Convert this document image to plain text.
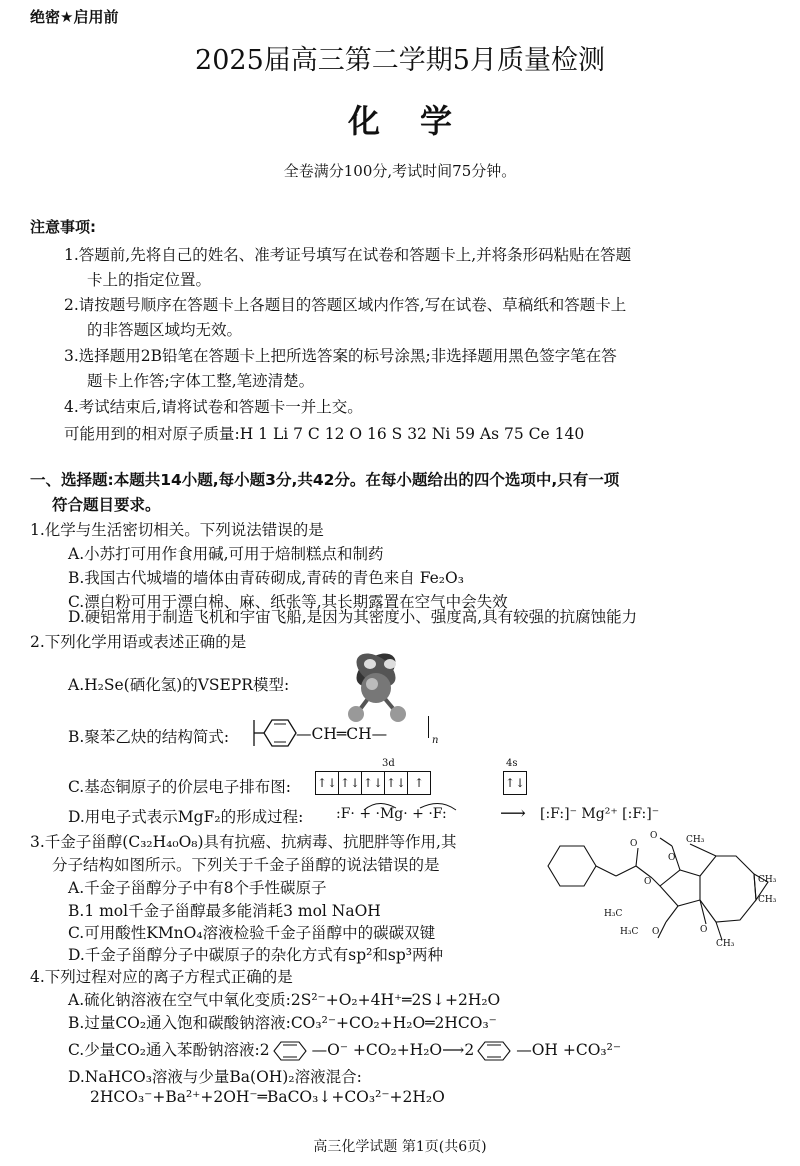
绝密★启用前
2025届高三第二学期5月质量检测
化学
全卷满分100分,考试时间75分钟。
注意事项:
1.答题前,先将自己的姓名、准考证号填写在试卷和答题卡上,并将条形码粘贴在答题
卡上的指定位置。
2.请按题号顺序在答题卡上各题目的答题区域内作答,写在试卷、草稿纸和答题卡上
的非答题区域均无效。
3.选择题用2B铅笔在答题卡上把所选答案的标号涂黑;非选择题用黑色签字笔在答
题卡上作答;字体工整,笔迹清楚。
4.考试结束后,请将试卷和答题卡一并上交。
可能用到的相对原子质量:H 1 Li 7 C 12 O 16 S 32 Ni 59 As 75 Ce 140
一、选择题:本题共14小题,每小题3分,共42分。在每小题给出的四个选项中,只有一项
符合题目要求。
1.化学与生活密切相关。下列说法错误的是
A.小苏打可用作食用碱,可用于焙制糕点和制药
B.我国古代城墙的墙体由青砖砌成,青砖的青色来自 Fe₂O₃
C.漂白粉可用于漂白棉、麻、纸张等,其长期露置在空气中会失效
D.硬铝常用于制造飞机和宇宙飞船,是因为其密度小、强度高,具有较强的抗腐蚀能力
2.下列化学用语或表述正确的是
A.H₂Se(硒化氢)的VSEPR模型:
B.聚苯乙炔的结构简式:	—CH═CH—	n
3d	4s
C.基态铜原子的价层电子排布图: ↑↓ ↑↓ ↑↓ ↑↓ ↑	↑↓
D.用电子式表示MgF₂的形成过程: :F· + ·Mg· + ·F:	⟶ [:F:]⁻ Mg²⁺ [:F:]⁻
3.千金子甾醇(C₃₂H₄₀O₈)具有抗癌、抗病毒、抗肥胖等作用,其
分子结构如图所示。下列关于千金子甾醇的说法错误的是
A.千金子甾醇分子中有8个手性碳原子
B.1 mol千金子甾醇最多能消耗3 mol NaOH
C.可用酸性KMnO₄溶液检验千金子甾醇中的碳碳双键
D.千金子甾醇分子中碳原子的杂化方式有sp²和sp³两种
O
O
O
O
O	O
CH₃
CH₃
CH₃
H₃C
H₃C
CH₃
4.下列过程对应的离子方程式正确的是
A.硫化钠溶液在空气中氧化变质:2S²⁻+O₂+4H⁺═2S↓+2H₂O
B.过量CO₂通入饱和碳酸钠溶液:CO₃²⁻+CO₂+H₂O═2HCO₃⁻
C.少量CO₂通入苯酚钠溶液:2	—O⁻ +CO₂+H₂O⟶2	—OH +CO₃²⁻
D.NaHCO₃溶液与少量Ba(OH)₂溶液混合:
2HCO₃⁻+Ba²⁺+2OH⁻═BaCO₃↓+CO₃²⁻+2H₂O
高三化学试题 第1页(共6页)
